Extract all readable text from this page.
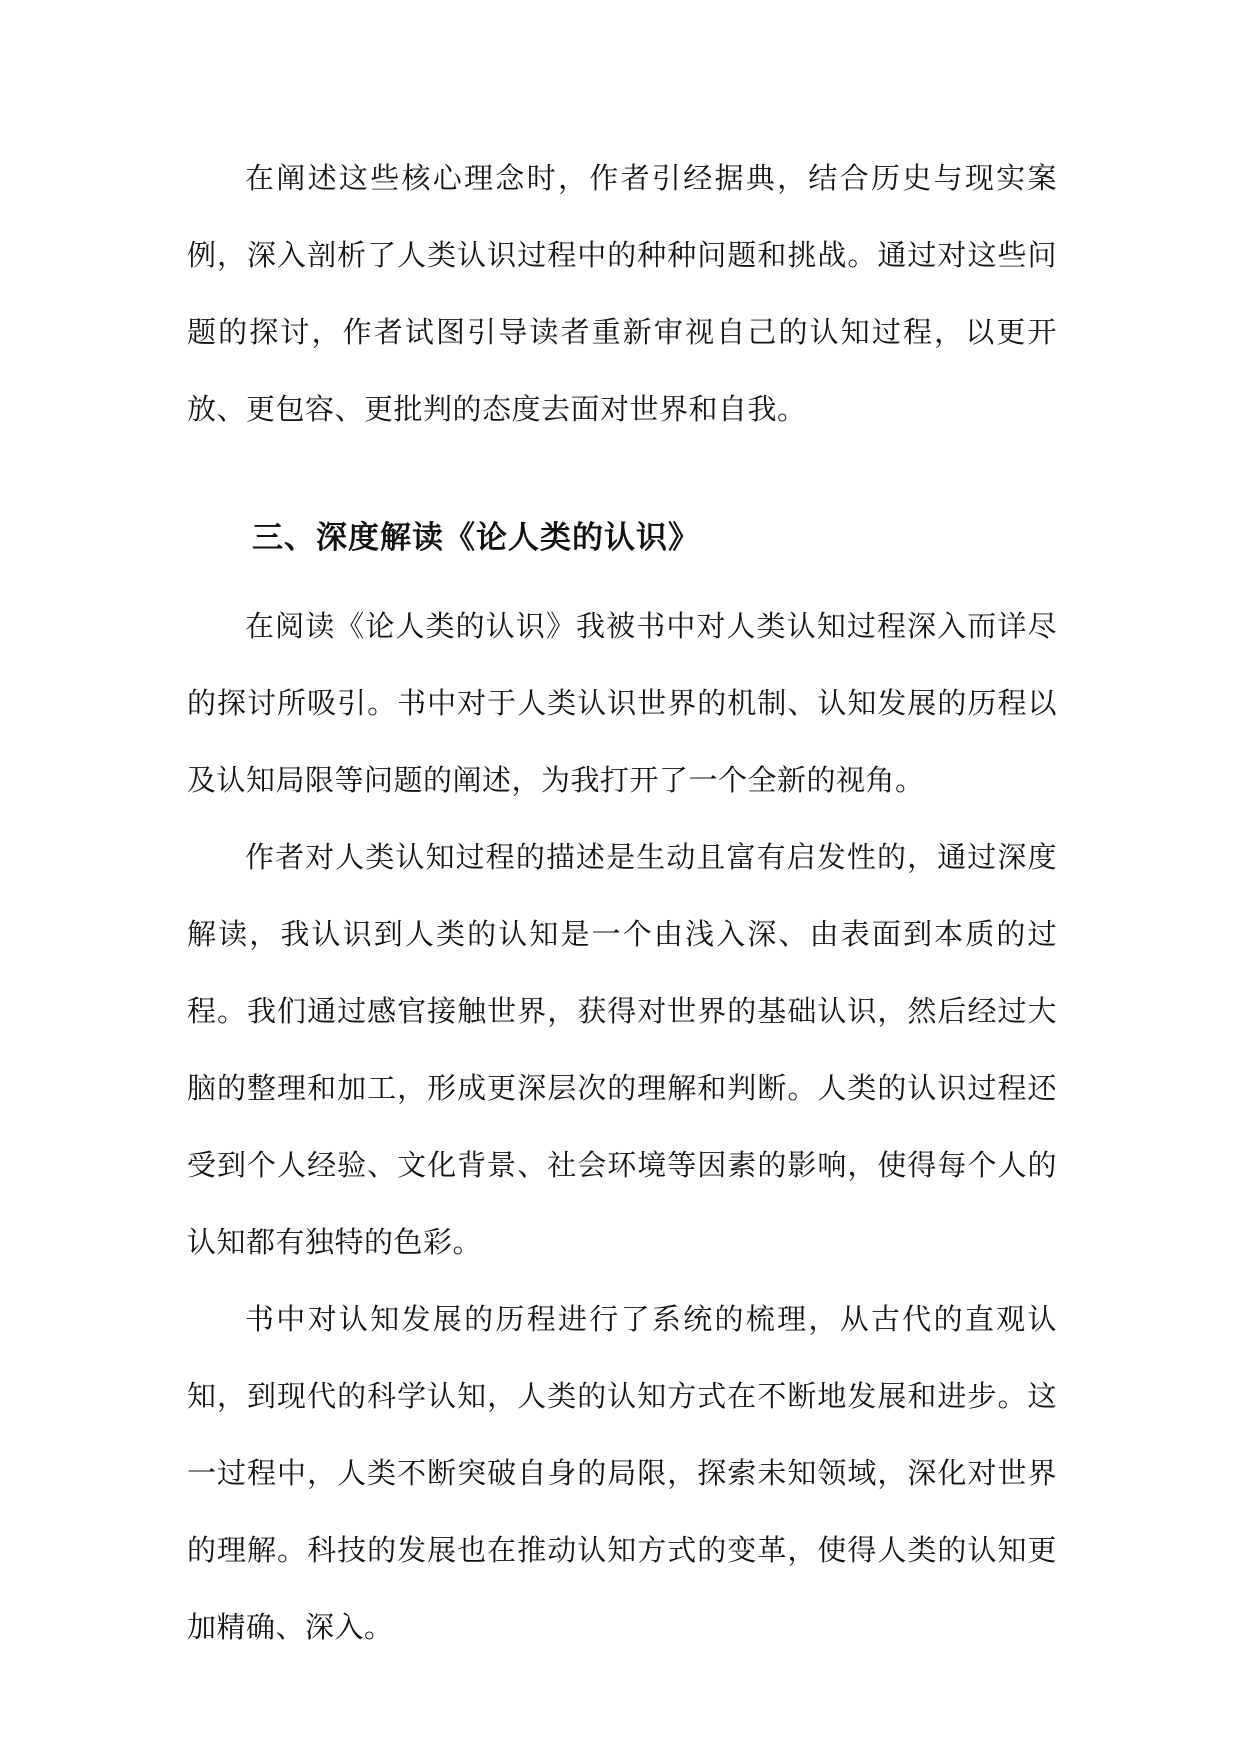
在阐述这些核心理念时，作者引经据典，结合历史与现实案例，深入剖析了人类认识过程中的种种问题和挑战。通过对这些问题的探讨，作者试图引导读者重新审视自己的认知过程，以更开放、更包容、更批判的态度去面对世界和自我。

三、深度解读《论人类的认识》

在阅读《论人类的认识》我被书中对人类认知过程深入而详尽的探讨所吸引。书中对于人类认识世界的机制、认知发展的历程以及认知局限等问题的阐述，为我打开了一个全新的视角。

作者对人类认知过程的描述是生动且富有启发性的，通过深度解读，我认识到人类的认知是一个由浅入深、由表面到本质的过程。我们通过感官接触世界，获得对世界的基础认识，然后经过大脑的整理和加工，形成更深层次的理解和判断。人类的认识过程还受到个人经验、文化背景、社会环境等因素的影响，使得每个人的认知都有独特的色彩。

书中对认知发展的历程进行了系统的梳理，从古代的直观认知，到现代的科学认知，人类的认知方式在不断地发展和进步。这一过程中，人类不断突破自身的局限，探索未知领域，深化对世界的理解。科技的发展也在推动认知方式的变革，使得人类的认知更加精确、深入。
